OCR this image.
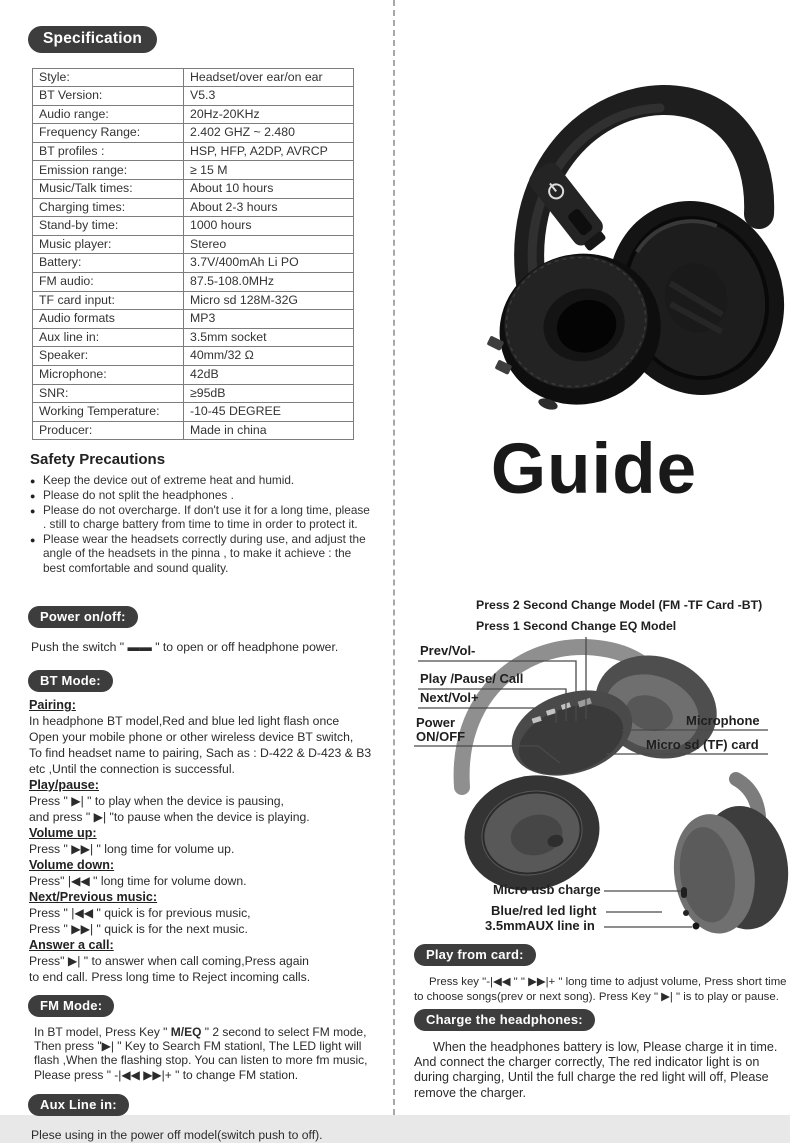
Specification
Style:	Headset/over ear/on ear
BT Version:	V5.3
Audio range:	20Hz-20KHz
Frequency Range:	2.402 GHZ ~ 2.480
BT profiles :	HSP, HFP, A2DP, AVRCP
Emission range:	≥ 15 M
Music/Talk times:	About 10 hours
Charging times:	About 2-3 hours
Stand-by time:	1000 hours
Music player:	Stereo
Battery:	3.7V/400mAh Li PO
FM audio:	87.5-108.0MHz
TF card input:	Micro sd 128M-32G
Audio formats	MP3
Aux line in:	3.5mm socket
Speaker:	40mm/32 Ω
Microphone:	42dB
SNR:	≥95dB
Working Temperature:	-10-45 DEGREE
Producer:	Made in china
Safety Precautions
● Keep the device out of extreme heat and humid.
● Please do not split the headphones .
● Please do not overcharge. If don't use it for a long time, please . still to charge battery from time to time in order to protect it.
● Please wear the headsets correctly during use, and adjust the angle of the headsets in the pinna , to make it achieve : the best comfortable and sound quality.
Power on/off:

Push the switch " ▬▬ " to open or off headphone power.

BT Mode:
Pairing:

In headphone BT model,Red and blue led light flash once

Open your mobile phone or other wireless device BT switch,

To find headset name to pairing, Sach as : D-422 & D-423 & B3

etc ,Until the connection is successful.

Play/pause:

Press " ▶| " to play when the device is pausing,

and press " ▶| "to pause when the device is playing.

Volume up:

Press " ▶▶| " long time for volume up.

Volume down:

Press" |◀◀ " long time for volume down.

Next/Previous music:

Press " |◀◀ " quick is for previous music,

Press " ▶▶| " quick is for the next music.

Answer a call:

Press" ▶| " to answer when call coming,Press again

to end call. Press long time to Reject incoming calls.

FM Mode:

In BT model, Press Key " M/EQ " 2 second to select FM mode,

Then press "▶| " Key to Search FM stationl, The LED light will

flash ,When the flashing stop. You can listen to more fm music,

Please press " -|◀◀ ▶▶|+ " to change FM station.

Aux Line in:

Plese using in the power off model(switch push to off).

Guide
Press 2 Second Change Model (FM -TF Card -BT)
Press 1 Second Change EQ Model
Prev/Vol-
Play /Pause/ Call
Next/Vol+
Power
ON/OFF
Microphone
Micro sd (TF) card
Micro usb charge
Blue/red led light
3.5mmAUX line in
Play from card:
Press key "-|◀◀ " " ▶▶|+ " long time to adjust volume, Press short time
to choose songs(prev or next song). Press Key " ▶| " is to play or pause.
Charge the headphones:

When the headphones battery is low, Please charge it in time. And connect the charger correctly, The red indicator light is on during charging, Until the full charge the red light will off, Please remove the charger.
